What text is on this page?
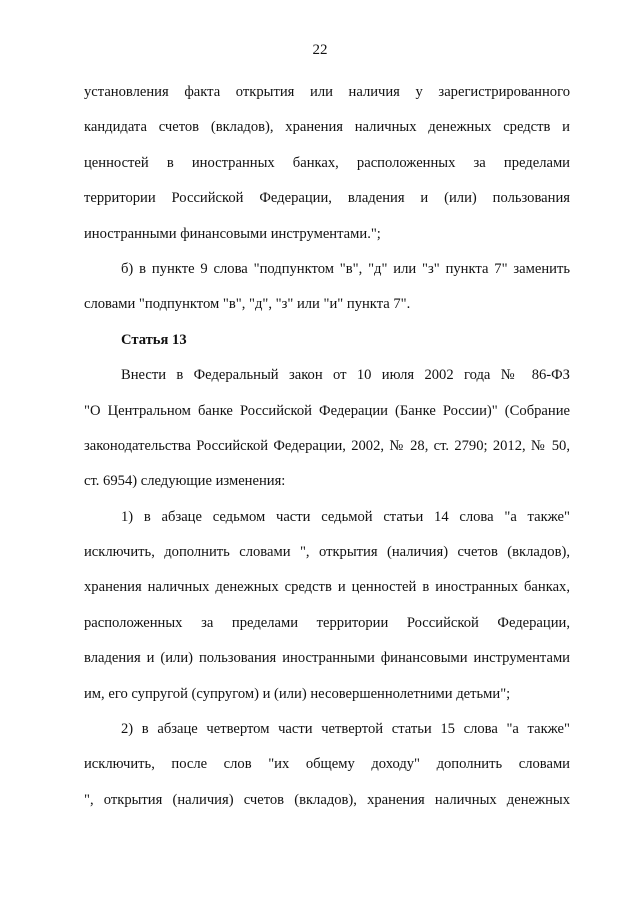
22
установления факта открытия или наличия у зарегистрированного
кандидата счетов (вкладов), хранения наличных денежных средств и
ценностей в иностранных банках, расположенных за пределами
территории Российской Федерации, владения и (или) пользования
иностранными финансовыми инструментами.";
б) в пункте 9 слова "подпунктом "в", "д" или "з" пункта 7" заменить
словами "подпунктом "в", "д", "з" или "и" пункта 7".
Статья 13
Внести в Федеральный закон от 10 июля 2002 года № 86-ФЗ
"О Центральном банке Российской Федерации (Банке России)" (Собрание
законодательства Российской Федерации, 2002, № 28, ст. 2790; 2012, № 50,
ст. 6954) следующие изменения:
1) в абзаце седьмом части седьмой статьи 14 слова "а также"
исключить, дополнить словами ", открытия (наличия) счетов (вкладов),
хранения наличных денежных средств и ценностей в иностранных банках,
расположенных за пределами территории Российской Федерации,
владения и (или) пользования иностранными финансовыми инструментами
им, его супругой (супругом) и (или) несовершеннолетними детьми";
2) в абзаце четвертом части четвертой статьи 15 слова "а также"
исключить, после слов "их общему доходу" дополнить словами
", открытия (наличия) счетов (вкладов), хранения наличных денежных
